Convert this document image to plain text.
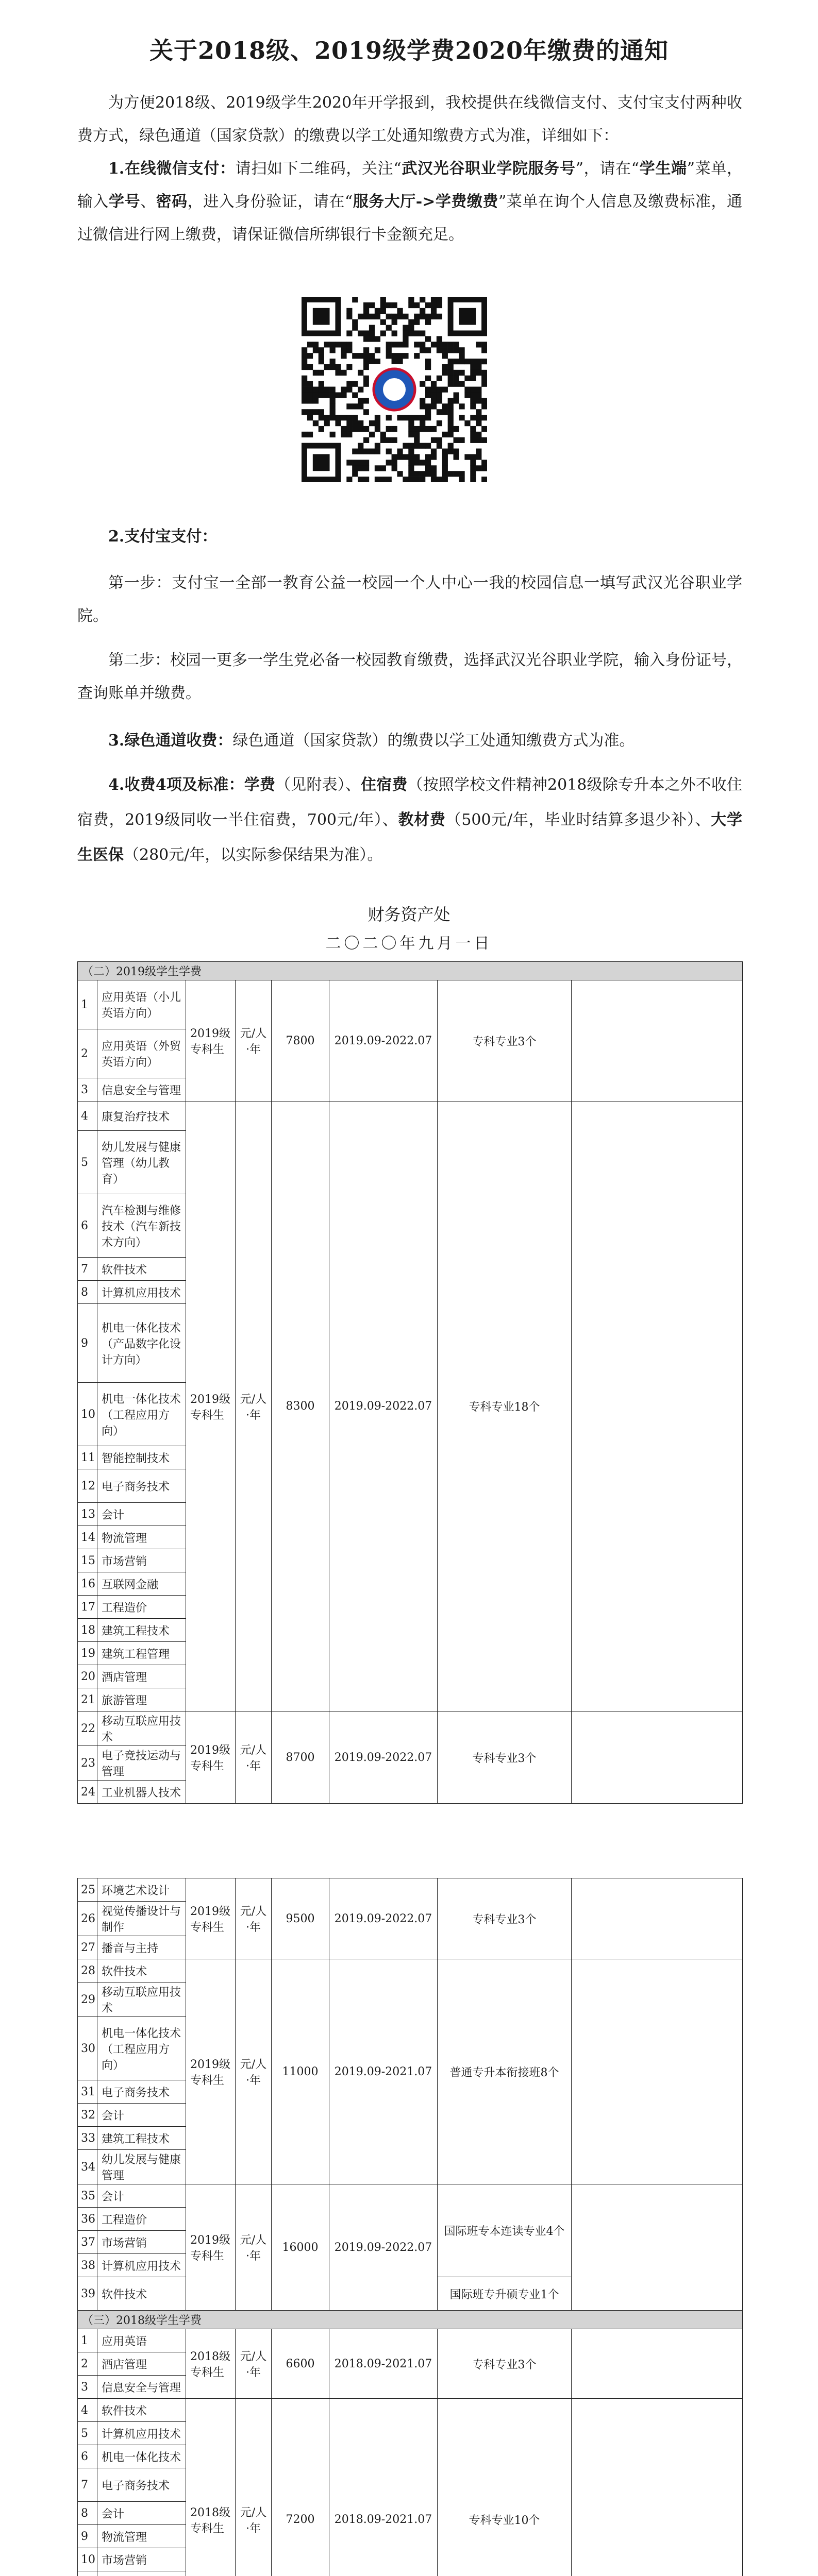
关于2018级、2019级学费2020年缴费的通知
为方便2018级、2019级学生2020年开学报到，我校提供在线微信支付、支付宝支付两种收费方式，绿色通道（国家贷款）的缴费以学工处通知缴费方式为准，详细如下：
1.在线微信支付：请扫如下二维码，关注“武汉光谷职业学院服务号”，请在“学生端”菜单，输入学号、密码，进入身份验证，请在“服务大厅->学费缴费”菜单在询个人信息及缴费标准，通过微信进行网上缴费，请保证微信所绑银行卡金额充足。
2.支付宝支付：
第一步：支付宝一全部一教育公益一校园一个人中心一我的校园信息一填写武汉光谷职业学院。
第二步：校园一更多一学生党必备一校园教育缴费，选择武汉光谷职业学院，输入身份证号，查询账单并缴费。
3.绿色通道收费：绿色通道（国家贷款）的缴费以学工处通知缴费方式为准。
4.收费4项及标准：学费（见附表）、住宿费（按照学校文件精神2018级除专升本之外不收住宿费，2019级同收一半住宿费，700元/年）、教材费（500元/年，毕业时结算多退少补）、大学生医保（280元/年，以实际参保结果为准）。
财务资产处
二〇二〇年九月一日
（二）2019级学生学费							
1	应用英语（小儿英语方向）	2019级专科生	元/人·年	7800	2019.09-2022.07	专科专业3个	
2	应用英语（外贸英语方向）						
3	信息安全与管理						
4	康复治疗技术	2019级专科生	元/人·年	8300	2019.09-2022.07	专科专业18个	
5	幼儿发展与健康管理（幼儿教育）						
6	汽车检测与维修技术（汽车新技术方向）						
7	软件技术						
8	计算机应用技术						
9	机电一体化技术（产品数字化设计方向）						
10	机电一体化技术（工程应用方向）						
11	智能控制技术						
12	电子商务技术						
13	会计						
14	物流管理						
15	市场营销						
16	互联网金融						
17	工程造价						
18	建筑工程技术						
19	建筑工程管理						
20	酒店管理						
21	旅游管理						
22	移动互联应用技术	2019级专科生	元/人·年	8700	2019.09-2022.07	专科专业3个	
23	电子竞技运动与管理						
24	工业机器人技术						

25	环境艺术设计	2019级专科生	元/人·年	9500	2019.09-2022.07	专科专业3个	
26	视觉传播设计与制作						
27	播音与主持						
28	软件技术	2019级专科生	元/人·年	11000	2019.09-2021.07	普通专升本衔接班8个	
29	移动互联应用技术						
30	机电一体化技术（工程应用方向）						
31	电子商务技术						
32	会计						
33	建筑工程技术						
34	幼儿发展与健康管理						
35	会计	2019级专科生	元/人·年	16000	2019.09-2022.07	国际班专本连读专业4个	
36	工程造价						
37	市场营销						
38	计算机应用技术						
39	软件技术					国际班专升硕专业1个	
（三）2018级学生学费							
1	应用英语	2018级专科生	元/人·年	6600	2018.09-2021.07	专科专业3个	
2	酒店管理						
3	信息安全与管理						
4	软件技术	2018级专科生	元/人·年	7200	2018.09-2021.07	专科专业10个	
5	计算机应用技术						
6	机电一体化技术						
7	电子商务技术						
8	会计						
9	物流管理						
10	市场营销						
